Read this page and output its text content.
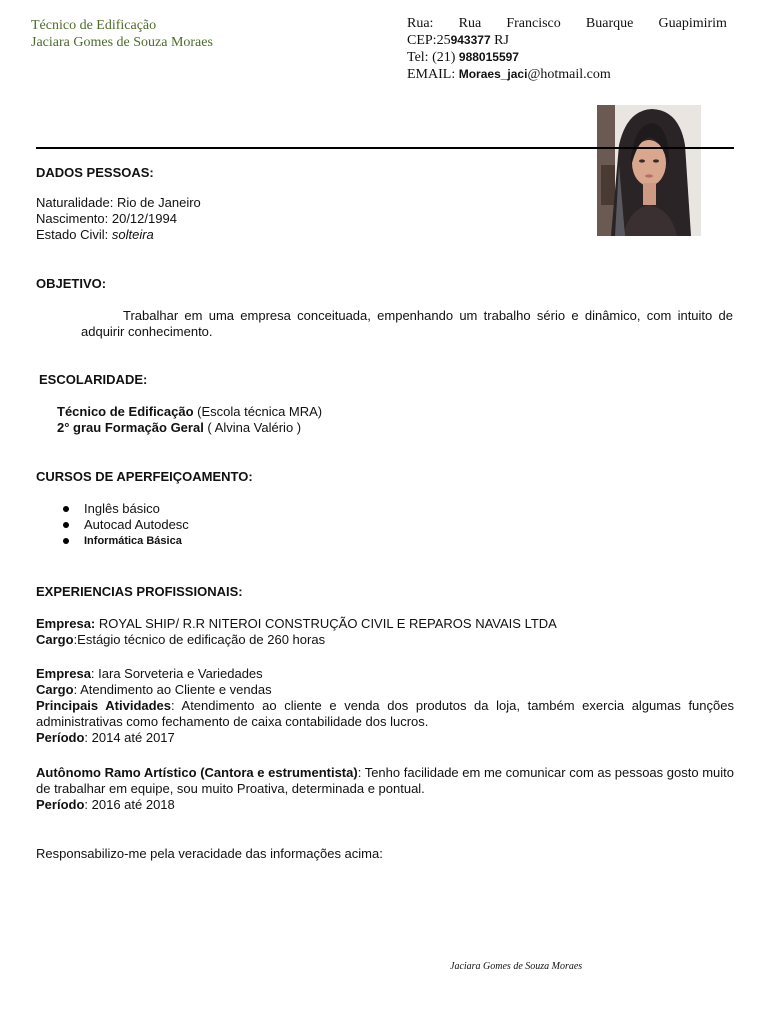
Técnico de Edificação
Jaciara Gomes de Souza Moraes
Rua: Rua Francisco Buarque Guapimirim
CEP:25943377 RJ
Tel: (21) 988015597
EMAIL: Moraes_jaci@hotmail.com
DADOS PESSOAS:
Naturalidade: Rio de Janeiro
Nascimento: 20/12/1994
Estado Civil: solteira
OBJETIVO:
Trabalhar em uma empresa conceituada, empenhando um trabalho sério e dinâmico, com intuito de adquirir conhecimento.
ESCOLARIDADE:
Técnico de Edificação (Escola técnica MRA)
2° grau Formação Geral ( Alvina Valério )
CURSOS DE APERFEIÇOAMENTO:
Inglês básico
Autocad Autodesc
Informática Básica
EXPERIENCIAS PROFISSIONAIS:
Empresa: ROYAL SHIP/ R.R NITEROI CONSTRUÇÃO CIVIL E REPAROS NAVAIS LTDA
Cargo:Estágio técnico de edificação de 260 horas
Empresa: Iara Sorveteria e Variedades
Cargo: Atendimento ao Cliente e vendas
Principais Atividades: Atendimento ao cliente e venda dos produtos da loja, também exercia algumas funções administrativas como fechamento de caixa contabilidade dos lucros.
Período: 2014 até 2017
Autônomo Ramo Artístico (Cantora e estrumentista): Tenho facilidade em me comunicar com as pessoas gosto muito de trabalhar em equipe, sou muito Proativa, determinada e pontual.
Período: 2016 até 2018
Responsabilizo-me pela veracidade das informações acima:
Jaciara Gomes de Souza Moraes
